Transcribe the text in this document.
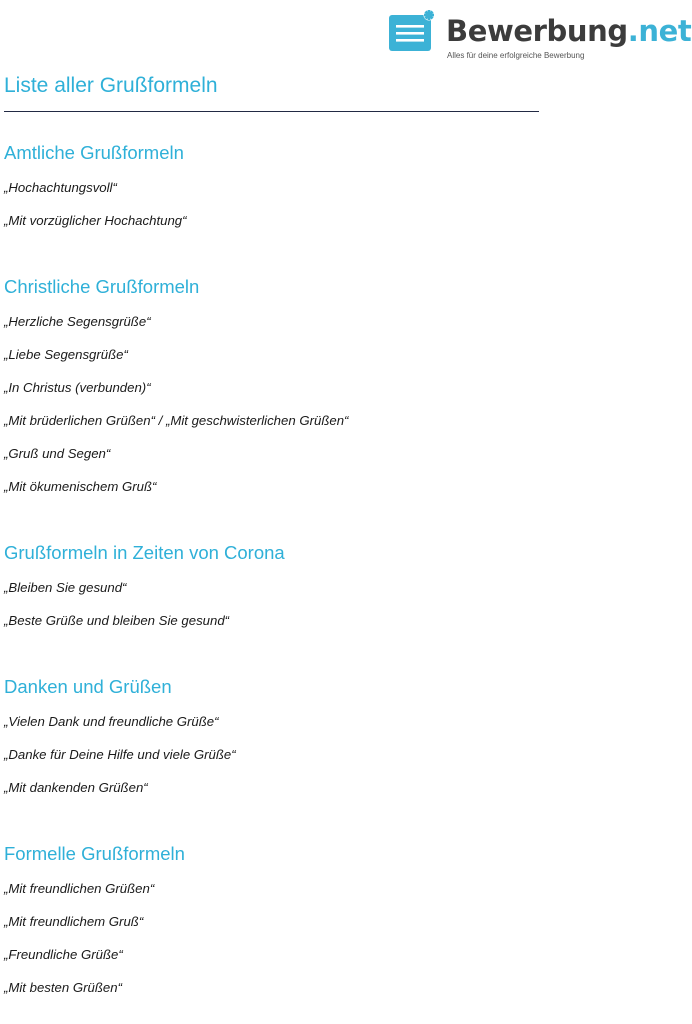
Bewerbung.net
Alles für deine erfolgreiche Bewerbung
Liste aller Grußformeln
Amtliche Grußformeln
„Hochachtungsvoll“
„Mit vorzüglicher Hochachtung“
Christliche Grußformeln
„Herzliche Segensgrüße“
„Liebe Segensgrüße“
„In Christus (verbunden)“
„Mit brüderlichen Grüßen“ / „Mit geschwisterlichen Grüßen“
„Gruß und Segen“
„Mit ökumenischem Gruß“
Grußformeln in Zeiten von Corona
„Bleiben Sie gesund“
„Beste Grüße und bleiben Sie gesund“
Danken und Grüßen
„Vielen Dank und freundliche Grüße“
„Danke für Deine Hilfe und viele Grüße“
„Mit dankenden Grüßen“
Formelle Grußformeln
„Mit freundlichen Grüßen“
„Mit freundlichem Gruß“
„Freundliche Grüße“
„Mit besten Grüßen“
